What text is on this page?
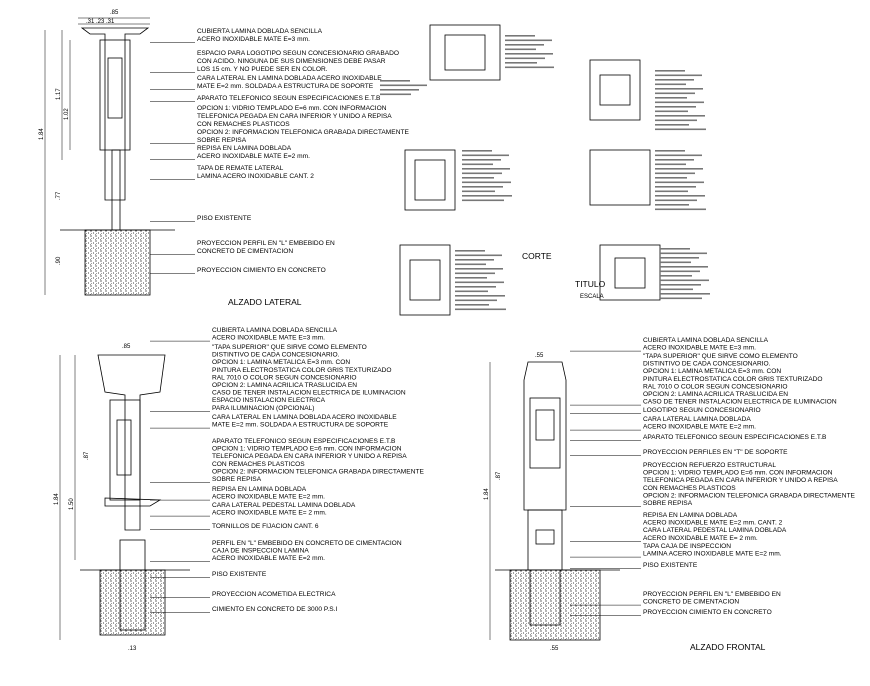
.85
.31 .23 .31
1.84
1.17
1.02
.77
.90
ALZADO LATERAL
.85
1.84 1.50
.87
.13
.55
1.84
.87
.55	ALZADO FRONTAL
CORTE
TITULO
ESCALA
CUBIERTA LAMINA DOBLADA SENCILLA
ACERO INOXIDABLE MATE E=3 mm.
ESPACIO PARA LOGOTIPO SEGUN CONCESIONARIO GRABADO
CON ACIDO. NINGUNA DE SUS DIMENSIONES DEBE PASAR
LOS 15 cm. Y NO PUEDE SER EN COLOR.
CARA LATERAL EN LAMINA DOBLADA ACERO INOXIDABLE
MATE E=2 mm. SOLDADA A ESTRUCTURA DE SOPORTE
APARATO TELEFONICO SEGUN ESPECIFICACIONES E.T.B
OPCION 1: VIDRIO TEMPLADO E=6 mm. CON INFORMACION
TELEFONICA PEGADA EN CARA INFERIOR Y UNIDO A REPISA
CON REMACHES PLASTICOS
OPCION 2: INFORMACION TELEFONICA GRABADA DIRECTAMENTE
SOBRE REPISA
REPISA EN LAMINA DOBLADA
ACERO INOXIDABLE MATE E=2 mm.
TAPA DE REMATE LATERAL
LAMINA ACERO INOXIDABLE CANT. 2
PISO EXISTENTE
PROYECCION PERFIL EN "L" EMBEBIDO EN
CONCRETO DE CIMENTACION
PROYECCION CIMIENTO EN CONCRETO
CUBIERTA LAMINA DOBLADA SENCILLA
ACERO INOXIDABLE MATE E=3 mm.
"TAPA SUPERIOR" QUE SIRVE COMO ELEMENTO
DISTINTIVO DE CADA CONCESIONARIO.
OPCION 1: LAMINA METALICA E=3 mm. CON
PINTURA ELECTROSTATICA COLOR GRIS TEXTURIZADO
RAL 7010 O COLOR SEGUN CONCESIONARIO
OPCION 2: LAMINA ACRILICA TRASLUCIDA EN
CASO DE TENER INSTALACION ELECTRICA DE ILUMINACION
ESPACIO INSTALACION ELECTRICA
PARA ILUMINACION (OPCIONAL)
CARA LATERAL EN LAMINA DOBLADA ACERO INOXIDABLE
MATE E=2 mm. SOLDADA A ESTRUCTURA DE SOPORTE
APARATO TELEFONICO SEGUN ESPECIFICACIONES E.T.B
OPCION 1: VIDRIO TEMPLADO E=6 mm. CON INFORMACION
TELEFONICA PEGADA EN CARA INFERIOR Y UNIDO A REPISA
CON REMACHES PLASTICOS
OPCION 2: INFORMACION TELEFONICA GRABADA DIRECTAMENTE
SOBRE REPISA
REPISA EN LAMINA DOBLADA
ACERO INOXIDABLE MATE E=2 mm.
CARA LATERAL PEDESTAL LAMINA DOBLADA
ACERO INOXIDABLE MATE E= 2 mm.
TORNILLOS DE FIJACION CANT. 6
PERFIL EN "L" EMBEBIDO EN CONCRETO DE CIMENTACION
CAJA DE INSPECCION LAMINA
ACERO INOXIDABLE MATE E=2 mm.
PISO EXISTENTE
PROYECCION ACOMETIDA ELECTRICA
CIMIENTO EN CONCRETO DE 3000 P.S.I
CUBIERTA LAMINA DOBLADA SENCILLA
ACERO INOXIDABLE MATE E=3 mm.
"TAPA SUPERIOR" QUE SIRVE COMO ELEMENTO
DISTINTIVO DE CADA CONCESIONARIO.
OPCION 1: LAMINA METALICA E=3 mm. CON
PINTURA ELECTROSTATICA COLOR GRIS TEXTURIZADO
RAL 7010 O COLOR SEGUN CONCESIONARIO
OPCION 2: LAMINA ACRILICA TRASLUCIDA EN
CASO DE TENER INSTALACION ELECTRICA DE ILUMINACION
LOGOTIPO SEGUN CONCESIONARIO
CARA LATERAL LAMINA DOBLADA
ACERO INOXIDABLE MATE E=2 mm.
APARATO TELEFONICO SEGUN ESPECIFICACIONES E.T.B
PROYECCION PERFILES EN "T" DE SOPORTE
PROYECCION REFUERZO ESTRUCTURAL
OPCION 1: VIDRIO TEMPLADO E=6 mm. CON INFORMACION
TELEFONICA PEGADA EN CARA INFERIOR Y UNIDO A REPISA
CON REMACHES PLASTICOS
OPCION 2: INFORMACION TELEFONICA GRABADA DIRECTAMENTE
SOBRE REPISA
REPISA EN LAMINA DOBLADA
ACERO INOXIDABLE MATE E=2 mm. CANT. 2
CARA LATERAL PEDESTAL LAMINA DOBLADA
ACERO INOXIDABLE MATE E= 2 mm.
TAPA CAJA DE INSPECCION
LAMINA ACERO INOXIDABLE MATE E=2 mm.
PISO EXISTENTE
PROYECCION PERFIL EN "L" EMBEBIDO EN
CONCRETO DE CIMENTACION
PROYECCION CIMIENTO EN CONCRETO
